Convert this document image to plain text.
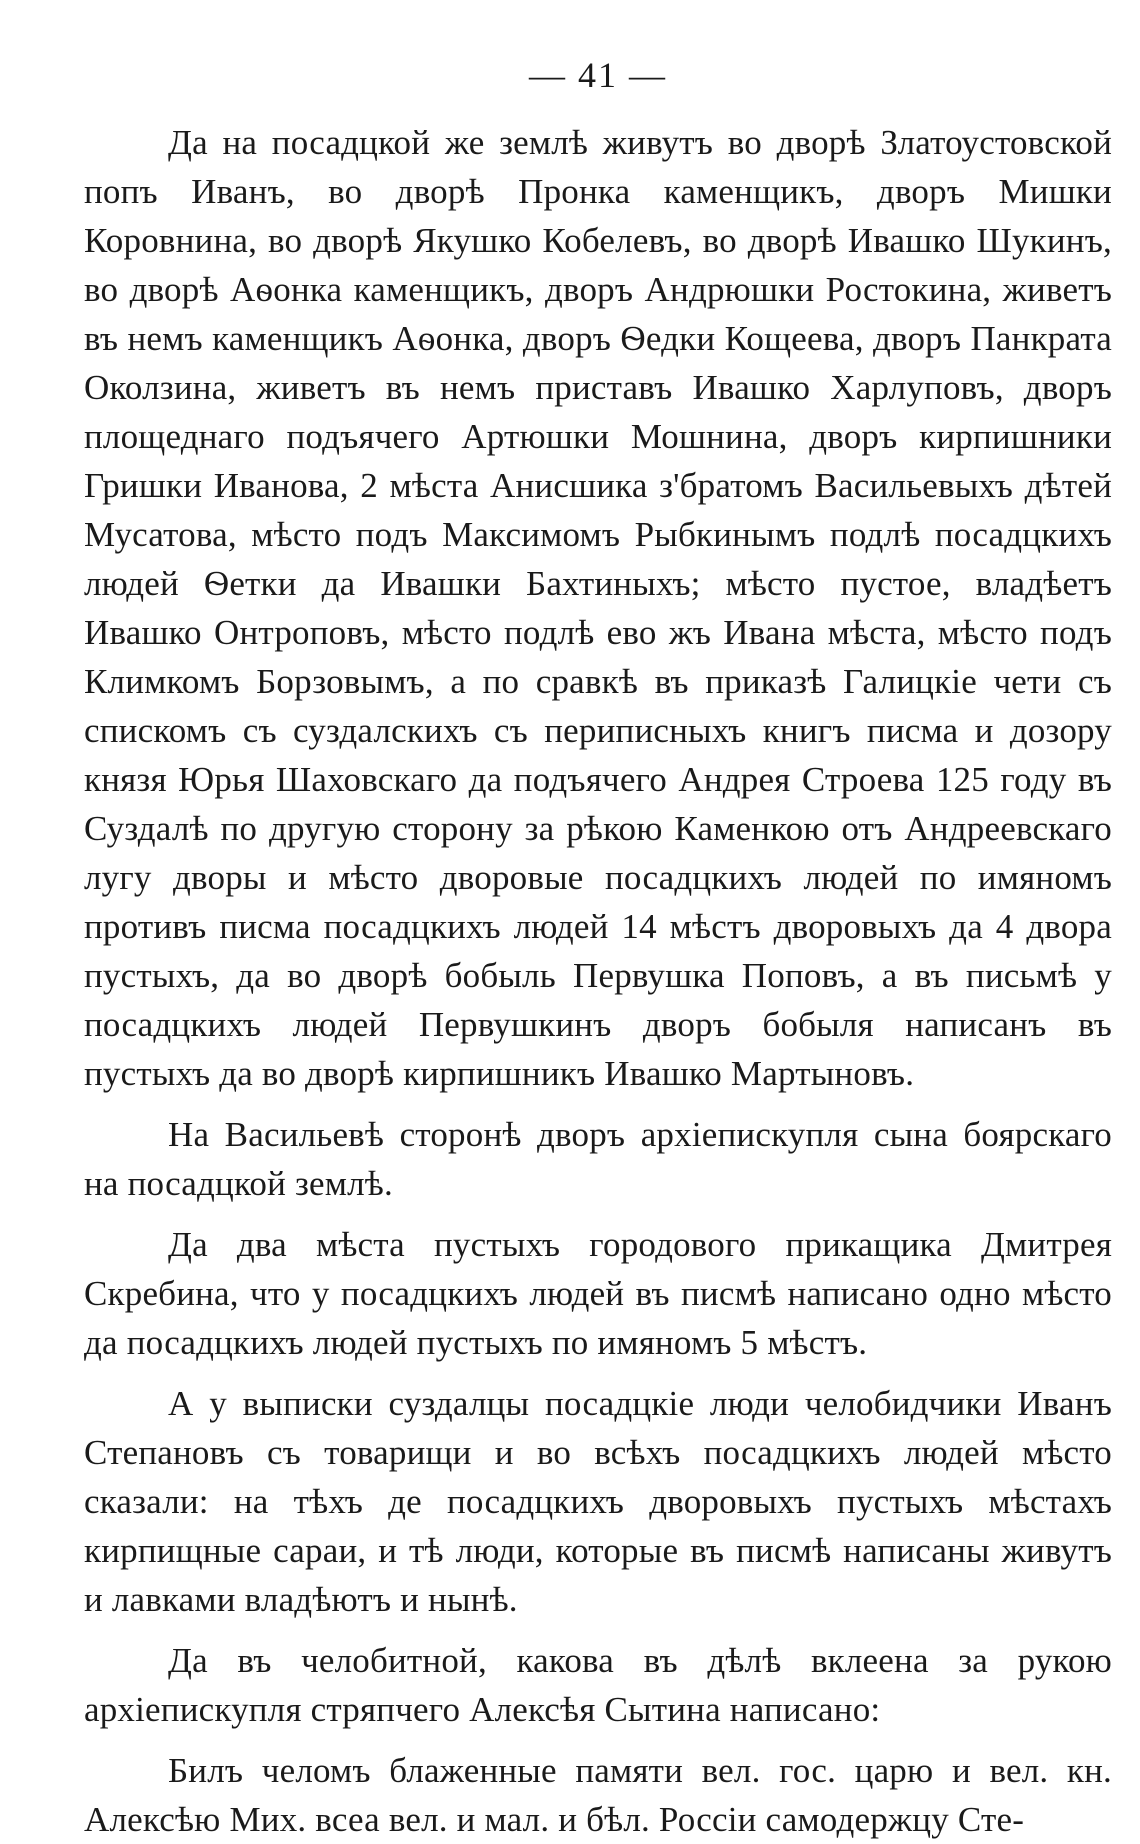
— 41 —

Да на посадцкой же землѣ живутъ во дворѣ Златоустовской попъ Иванъ, во дворѣ Пронка каменщикъ, дворъ Мишки Коровнина, во дворѣ Якушко Кобелевъ, во дворѣ Ивашко Шукинъ, во дворѣ Аѳонка каменщикъ, дворъ Андрюшки Ростокина, живетъ въ немъ каменщикъ Аѳонка, дворъ Ѳедки Кощеева, дворъ Панкрата Околзина, живетъ въ немъ приставъ Ивашко Харлуповъ, дворъ площеднаго подъячего Артюшки Мошнина, дворъ кирпишники Гришки Иванова, 2 мѣста Анисшика з'братомъ Васильевыхъ дѣтей Мусатова, мѣсто подъ Максимомъ Рыбкинымъ подлѣ посадцкихъ людей Ѳетки да Ивашки Бахтиныхъ; мѣсто пустое, владѣетъ Ивашко Онтроповъ, мѣсто подлѣ ево жъ Ивана мѣста, мѣсто подъ Климкомъ Борзовымъ, а по сравкѣ въ приказѣ Галицкіе чети съ спискомъ съ суздалскихъ съ периписныхъ книгъ писма и дозору князя Юрья Шаховскаго да подъячего Андрея Строева 125 году въ Суздалѣ по другую сторону за рѣкою Каменкою отъ Андреевскаго лугу дворы и мѣсто дворовые посадцкихъ людей по имяномъ противъ писма посадцкихъ людей 14 мѣстъ дворовыхъ да 4 двора пустыхъ, да во дворѣ бобыль Первушка Поповъ, а въ письмѣ у посадцкихъ людей Первушкинъ дворъ бобыля написанъ въ пустыхъ да во дворѣ кирпишникъ Ивашко Мартыновъ.

На Васильевѣ сторонѣ дворъ архіепискупля сына боярскаго на посадцкой землѣ.

Да два мѣста пустыхъ городового прикащика Дмитрея Скребина, что у посадцкихъ людей въ писмѣ написано одно мѣсто да посадцкихъ людей пустыхъ по имяномъ 5 мѣстъ.

А у выписки суздалцы посадцкіе люди челобидчики Иванъ Степановъ съ товарищи и во всѣхъ посадцкихъ людей мѣсто сказали: на тѣхъ де посадцкихъ дворовыхъ пустыхъ мѣстахъ кирпищные сараи, и тѣ люди, которые въ писмѣ написаны живутъ и лавками владѣютъ и нынѣ.

Да въ челобитной, какова въ дѣлѣ вклеена за рукою архіепискупля стряпчего Алексѣя Сытина написано:

Билъ челомъ блаженные памяти вел. гос. царю и вел. кн. Алексѣю Мих. всеа вел. и мал. и бѣл. Россіи самодержцу Сте-
